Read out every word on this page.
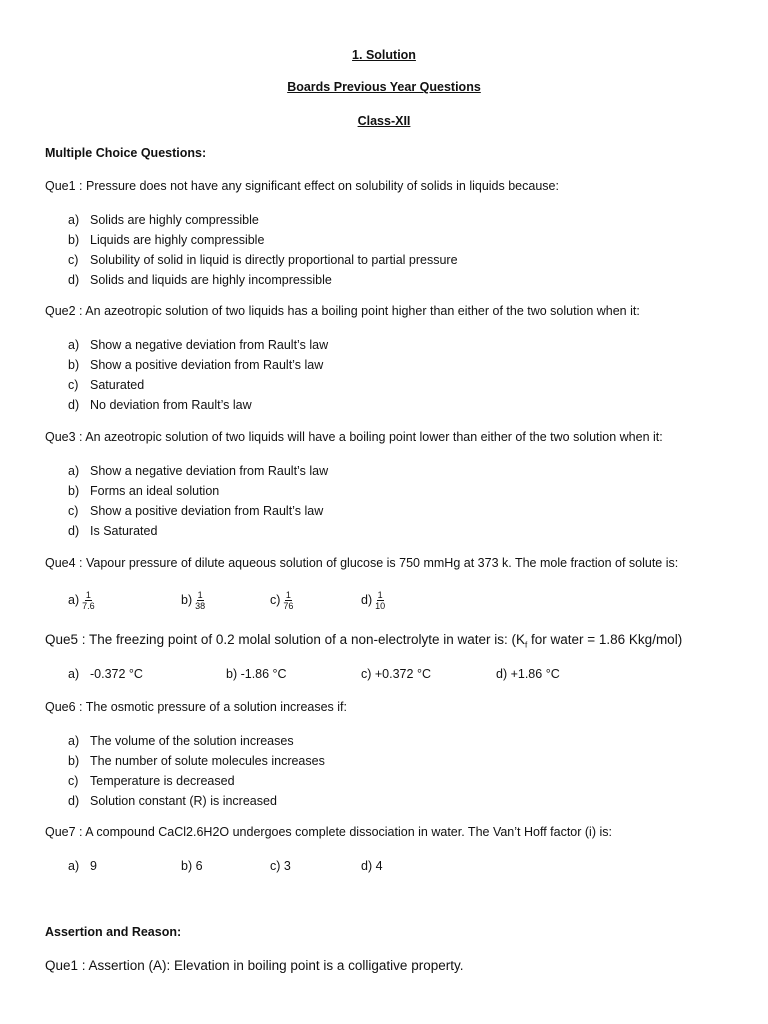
1. Solution
Boards Previous Year Questions
Class-XII
Multiple Choice Questions:
Que1 : Pressure does not have any significant effect on solubility of solids in liquids because:
a) Solids are highly compressible
b) Liquids are highly compressible
c) Solubility of solid in liquid is directly proportional to partial pressure
d) Solids and liquids are highly incompressible
Que2 : An azeotropic solution of two liquids has a boiling point higher than either of the two solution when it:
a) Show a negative deviation from Rault’s law
b) Show a positive deviation from Rault’s law
c) Saturated
d) No deviation from Rault’s law
Que3 : An azeotropic solution of two liquids will have a boiling point lower than either of the two solution when it:
a) Show a negative deviation from Rault’s law
b) Forms an ideal solution
c) Show a positive deviation from Rault’s law
d) Is Saturated
Que4 : Vapour pressure of dilute aqueous solution of glucose is 750 mmHg at 373 k. The mole fraction of solute is:
$a) \frac{1}{7.6}$	$b) \frac{1}{38}$	$c) \frac{1}{76}$	$d) \frac{1}{10}$
Que5 : The freezing point of 0.2 molal solution of a non-electrolyte in water is: ($K_f$ for water = 1.86 Kkg/mol)
a) -0.372 °C	b) -1.86 °C	c) +0.372 °C	d) +1.86 °C
Que6 : The osmotic pressure of a solution increases if:
a) The volume of the solution increases
b) The number of solute molecules increases
c) Temperature is decreased
d) Solution constant (R) is increased
Que7 : A compound CaCl2.6H2O undergoes complete dissociation in water. The Van’t Hoff factor (i) is:
a) 9	b) 6	c) 3	d) 4
Assertion and Reason:
Que1 : Assertion (A): Elevation in boiling point is a colligative property.
